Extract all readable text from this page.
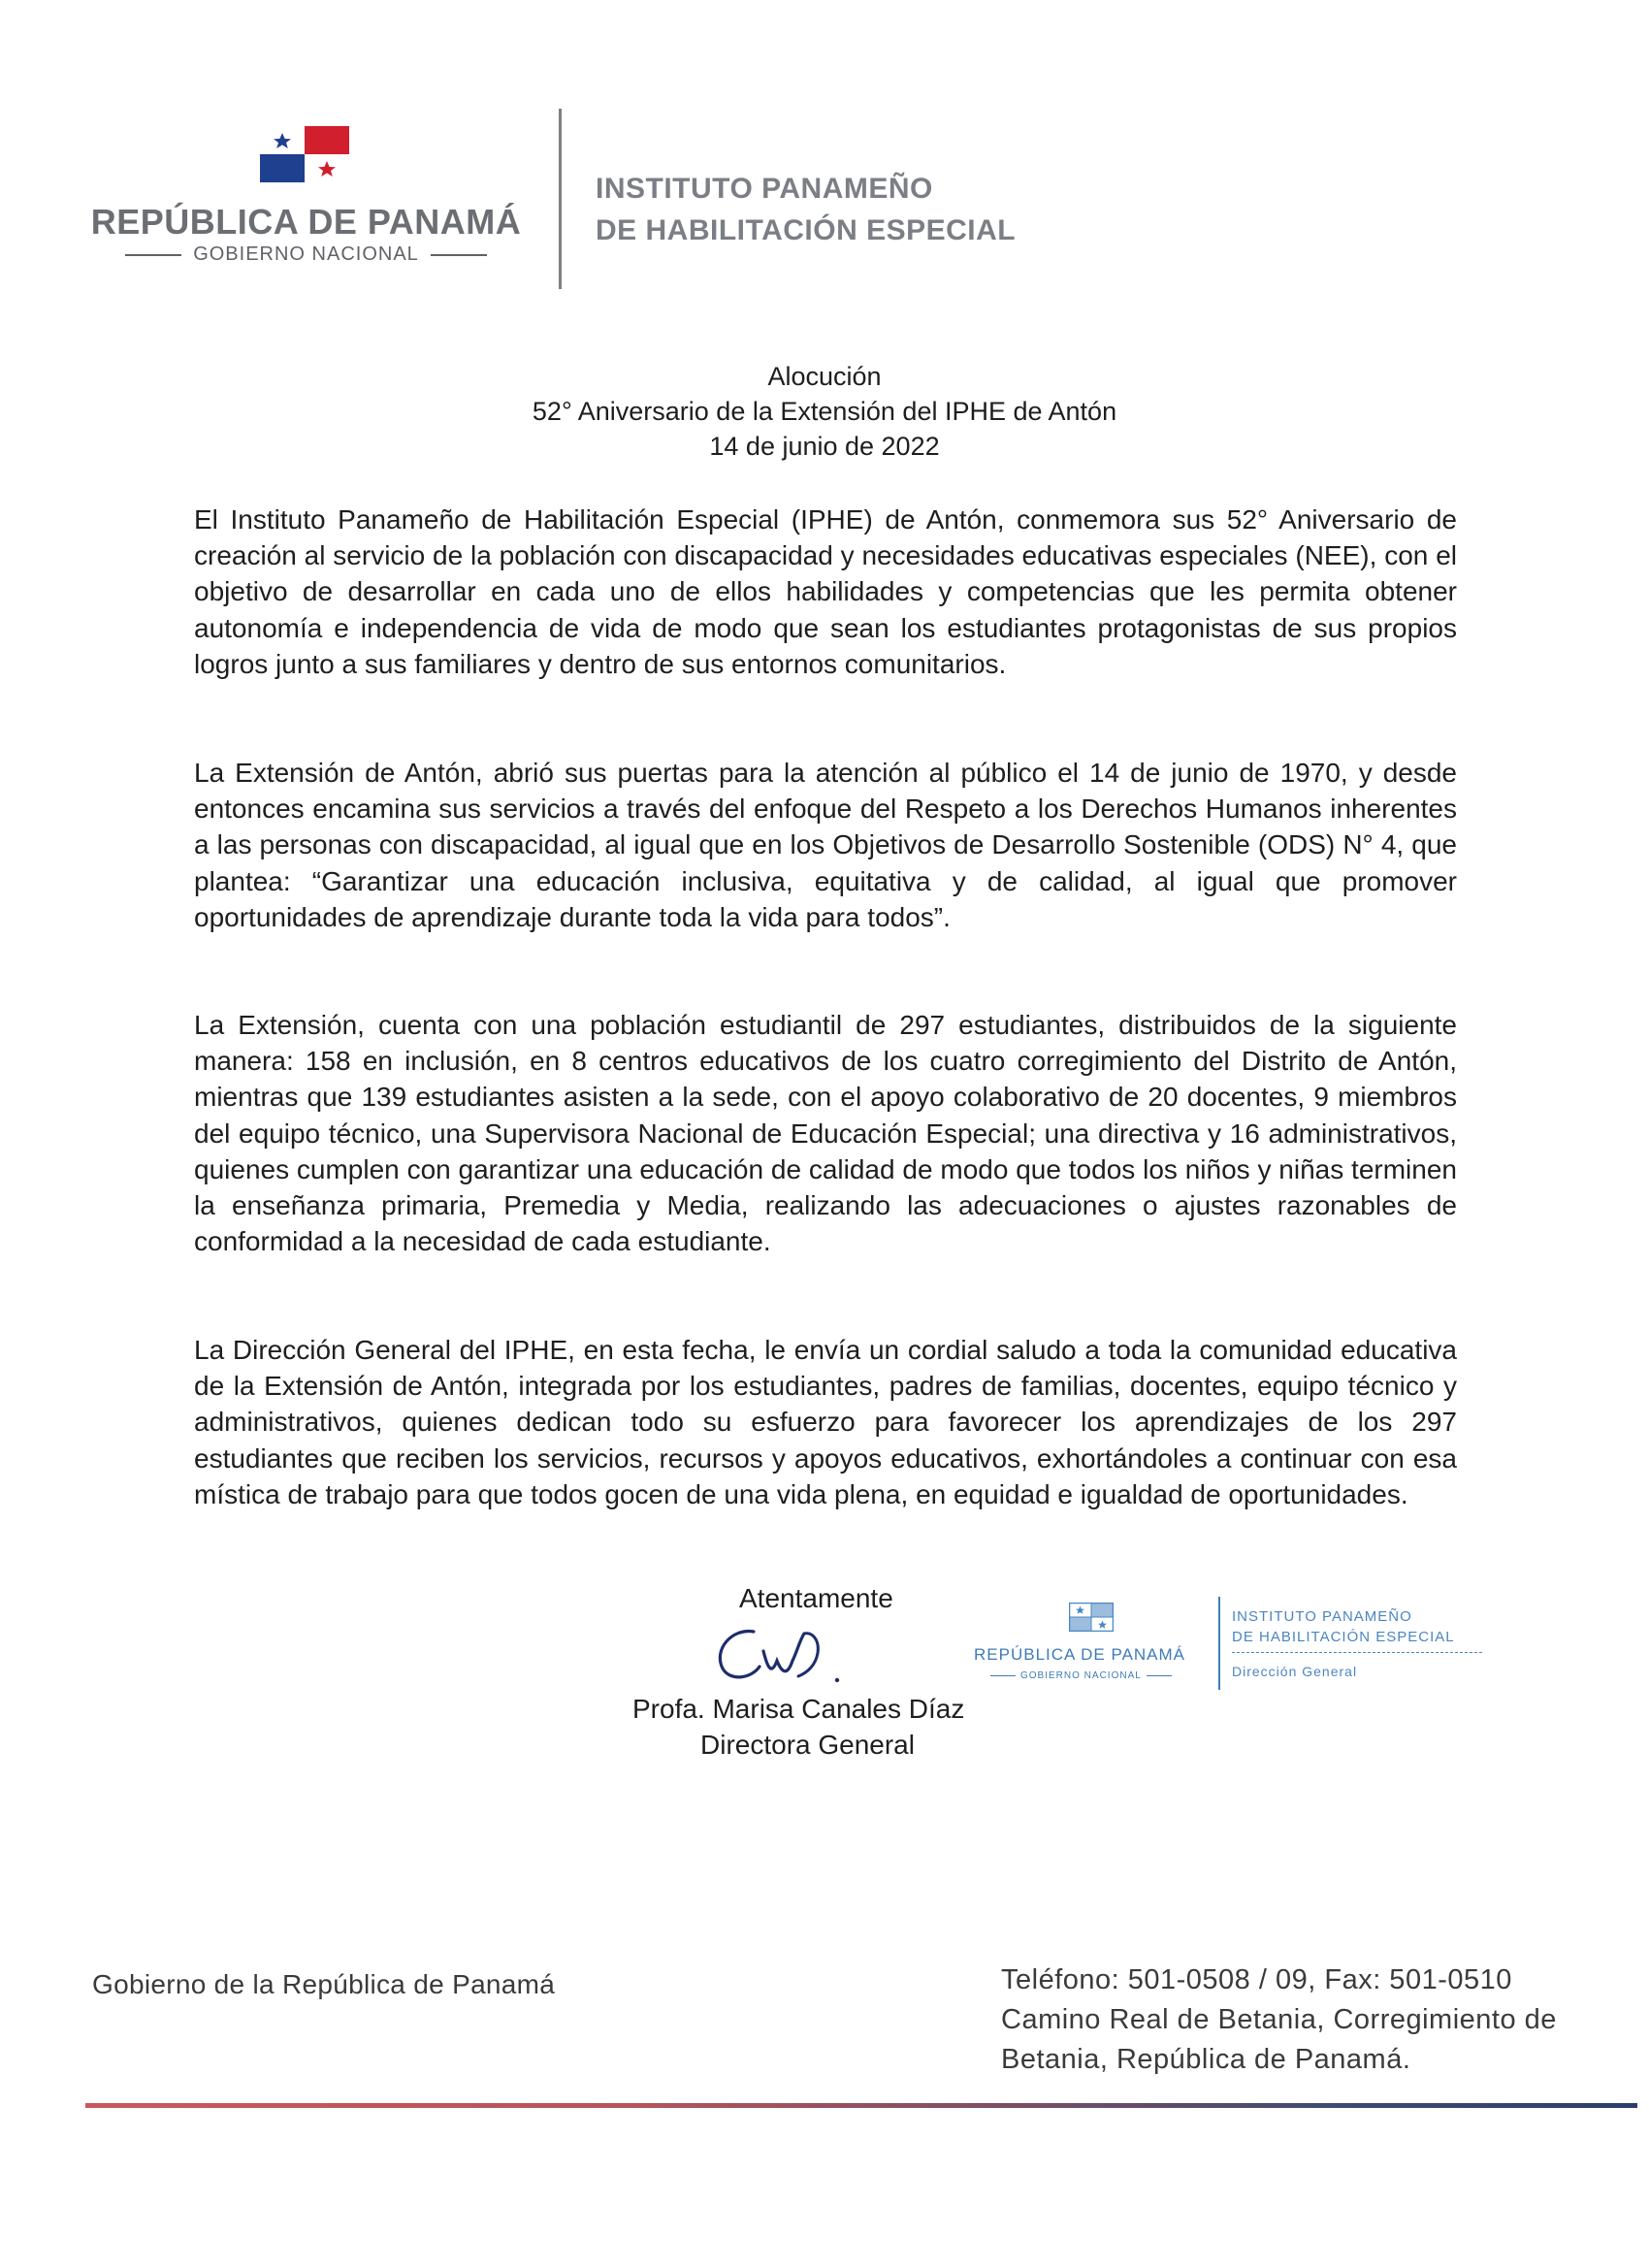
REPÚBLICA DE PANAMÁ
GOBIERNO NACIONAL
INSTITUTO PANAMEÑO
DE HABILITACIÓN ESPECIAL
Alocución
52° Aniversario de la Extensión del IPHE de Antón
14 de junio de 2022

El Instituto Panameño de Habilitación Especial (IPHE) de Antón, conmemora sus 52° Aniversario de creación al servicio de la población con discapacidad y necesidades educativas especiales (NEE), con el objetivo de desarrollar en cada uno de ellos habilidades y competencias que les permita obtener autonomía e independencia de vida de modo que sean los estudiantes protagonistas de sus propios logros junto a sus familiares y dentro de sus entornos comunitarios.

La Extensión de Antón, abrió sus puertas para la atención al público el 14 de junio de 1970, y desde entonces encamina sus servicios a través del enfoque del Respeto a los Derechos Humanos inherentes a las personas con discapacidad, al igual que en los Objetivos de Desarrollo Sostenible (ODS) N° 4, que plantea: “Garantizar una educación inclusiva, equitativa y de calidad, al igual que promover oportunidades de aprendizaje durante toda la vida para todos”.

La Extensión, cuenta con una población estudiantil de 297 estudiantes, distribuidos de la siguiente manera: 158 en inclusión, en 8 centros educativos de los cuatro corregimiento del Distrito de Antón, mientras que 139 estudiantes asisten a la sede, con el apoyo colaborativo de 20 docentes, 9 miembros del equipo técnico, una Supervisora Nacional de Educación Especial; una directiva y 16 administrativos, quienes cumplen con garantizar una educación de calidad de modo que todos los niños y niñas terminen la enseñanza primaria, Premedia y Media, realizando las adecuaciones o ajustes razonables de conformidad a la necesidad de cada estudiante.

La Dirección General del IPHE, en esta fecha, le envía un cordial saludo a toda la comunidad educativa de la Extensión de Antón, integrada por los estudiantes, padres de familias, docentes, equipo técnico y administrativos, quienes dedican todo su esfuerzo para favorecer los aprendizajes de los 297 estudiantes que reciben los servicios, recursos y apoyos educativos, exhortándoles a continuar con esa mística de trabajo para que todos gocen de una vida plena, en equidad e igualdad de oportunidades.

Atentamente
Profa. Marisa Canales Díaz
Directora General
REPÚBLICA DE PANAMÁ
GOBIERNO NACIONAL
INSTITUTO PANAMEÑO
DE HABILITACIÓN ESPECIAL
Dirección General
Gobierno de la República de Panamá	Teléfono: 501-0508 / 09, Fax: 501-0510
Camino Real de Betania, Corregimiento de
Betania, República de Panamá.
